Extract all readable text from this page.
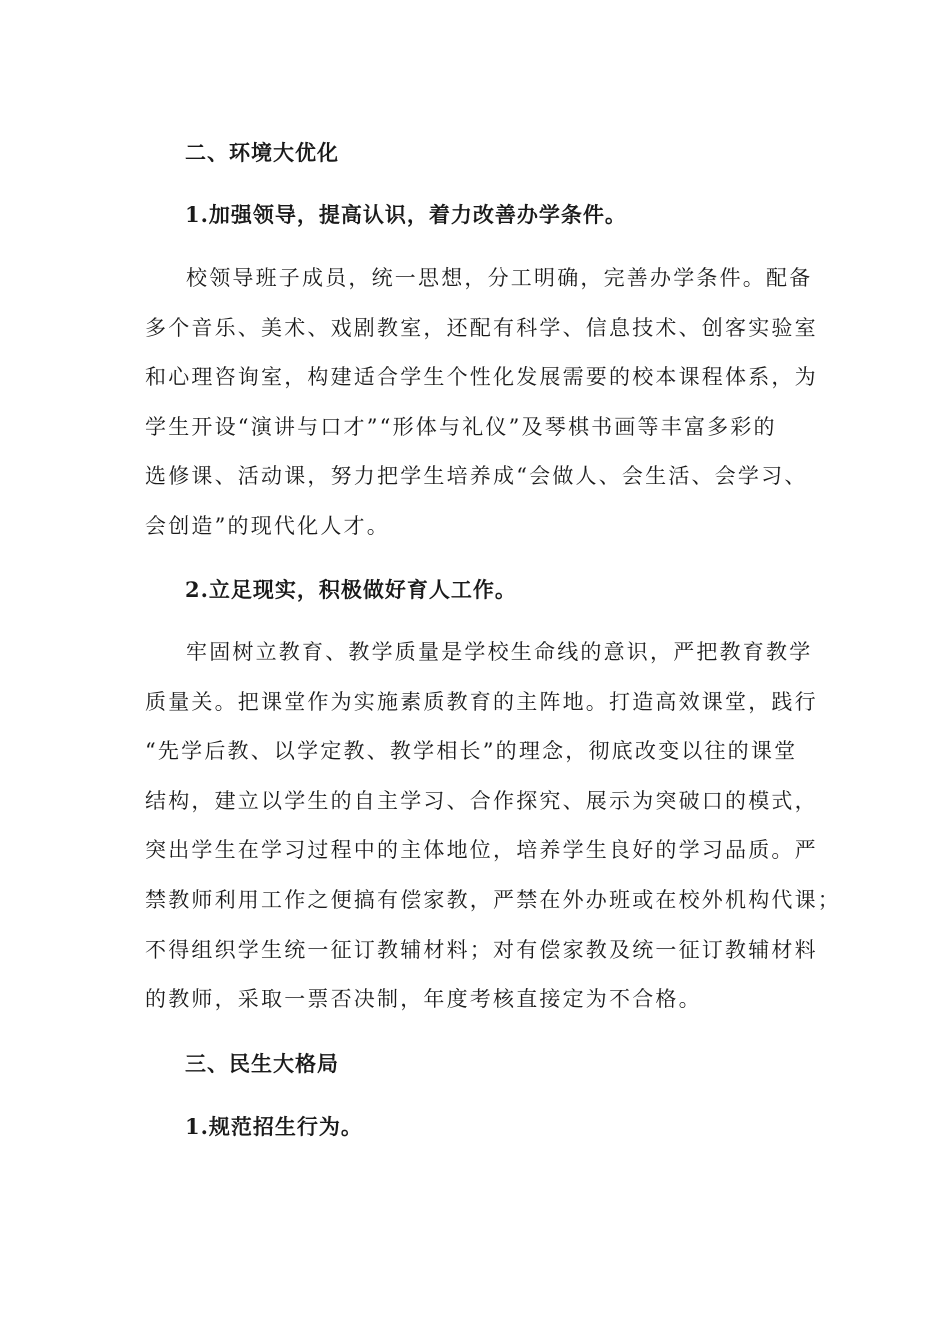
二、环境大优化
1.加强领导，提高认识，着力改善办学条件。
校领导班子成员，统一思想，分工明确，完善办学条件。配备
多个音乐、美术、戏剧教室，还配有科学、信息技术、创客实验室
和心理咨询室，构建适合学生个性化发展需要的校本课程体系，为
学生开设“演讲与口才”“形体与礼仪”及琴棋书画等丰富多彩的
选修课、活动课，努力把学生培养成“会做人、会生活、会学习、
会创造”的现代化人才。
2.立足现实，积极做好育人工作。
牢固树立教育、教学质量是学校生命线的意识，严把教育教学
质量关。把课堂作为实施素质教育的主阵地。打造高效课堂，践行
“先学后教、以学定教、教学相长”的理念，彻底改变以往的课堂
结构，建立以学生的自主学习、合作探究、展示为突破口的模式，
突出学生在学习过程中的主体地位，培养学生良好的学习品质。严
禁教师利用工作之便搞有偿家教，严禁在外办班或在校外机构代课；
不得组织学生统一征订教辅材料；对有偿家教及统一征订教辅材料
的教师，采取一票否决制，年度考核直接定为不合格。
三、民生大格局
1.规范招生行为。
